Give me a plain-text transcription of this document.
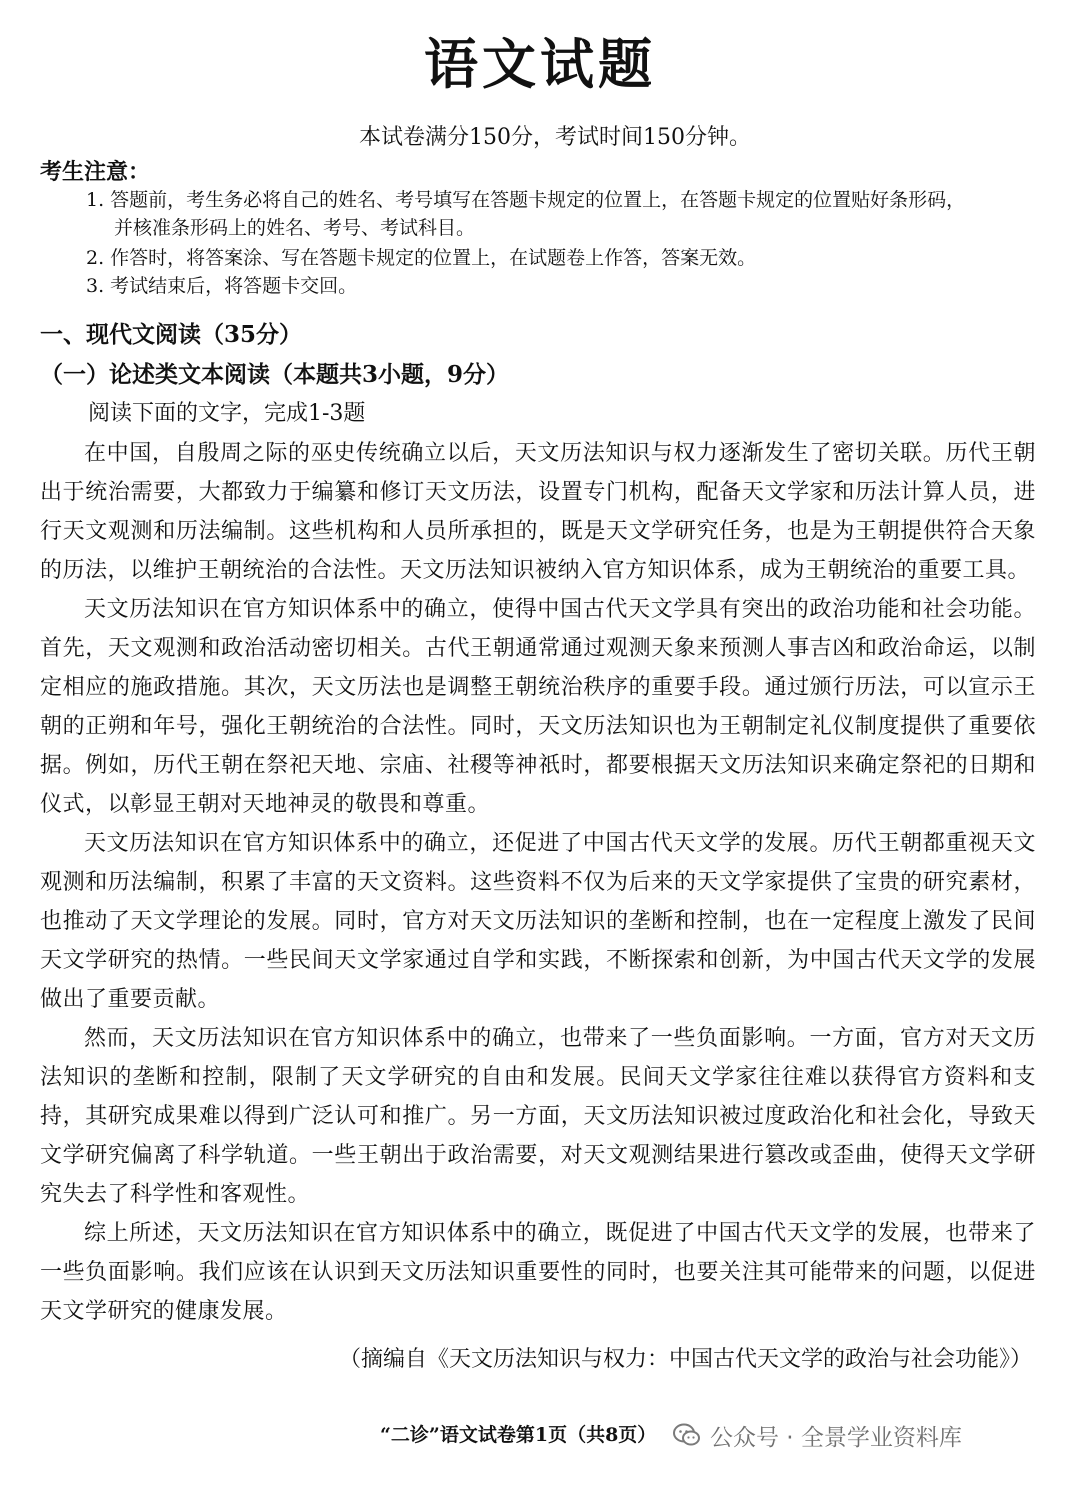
语文试题
本试卷满分150分，考试时间150分钟。
考生注意：
1. 答题前，考生务必将自己的姓名、考号填写在答题卡规定的位置上，在答题卡规定的位置贴好条形码，
并核准条形码上的姓名、考号、考试科目。
2. 作答时，将答案涂、写在答题卡规定的位置上，在试题卷上作答，答案无效。
3. 考试结束后，将答题卡交回。
一、现代文阅读（35分）
（一）论述类文本阅读（本题共3小题，9分）
阅读下面的文字，完成1-3题

在中国，自殷周之际的巫史传统确立以后，天文历法知识与权力逐渐发生了密切关联。历代王朝出于统治需要，大都致力于编纂和修订天文历法，设置专门机构，配备天文学家和历法计算人员，进行天文观测和历法编制。这些机构和人员所承担的，既是天文学研究任务，也是为王朝提供符合天象的历法，以维护王朝统治的合法性。天文历法知识被纳入官方知识体系，成为王朝统治的重要工具。

天文历法知识在官方知识体系中的确立，使得中国古代天文学具有突出的政治功能和社会功能。首先，天文观测和政治活动密切相关。古代王朝通常通过观测天象来预测人事吉凶和政治命运，以制定相应的施政措施。其次，天文历法也是调整王朝统治秩序的重要手段。通过颁行历法，可以宣示王朝的正朔和年号，强化王朝统治的合法性。同时，天文历法知识也为王朝制定礼仪制度提供了重要依据。例如，历代王朝在祭祀天地、宗庙、社稷等神祇时，都要根据天文历法知识来确定祭祀的日期和仪式，以彰显王朝对天地神灵的敬畏和尊重。

天文历法知识在官方知识体系中的确立，还促进了中国古代天文学的发展。历代王朝都重视天文观测和历法编制，积累了丰富的天文资料。这些资料不仅为后来的天文学家提供了宝贵的研究素材，也推动了天文学理论的发展。同时，官方对天文历法知识的垄断和控制，也在一定程度上激发了民间天文学研究的热情。一些民间天文学家通过自学和实践，不断探索和创新，为中国古代天文学的发展做出了重要贡献。

然而，天文历法知识在官方知识体系中的确立，也带来了一些负面影响。一方面，官方对天文历法知识的垄断和控制，限制了天文学研究的自由和发展。民间天文学家往往难以获得官方资料和支持，其研究成果难以得到广泛认可和推广。另一方面，天文历法知识被过度政治化和社会化，导致天文学研究偏离了科学轨道。一些王朝出于政治需要，对天文观测结果进行篡改或歪曲，使得天文学研究失去了科学性和客观性。

综上所述，天文历法知识在官方知识体系中的确立，既促进了中国古代天文学的发展，也带来了一些负面影响。我们应该在认识到天文历法知识重要性的同时，也要关注其可能带来的问题，以促进天文学研究的健康发展。

（摘编自《天文历法知识与权力：中国古代天文学的政治与社会功能》）
“二诊”语文试卷第1页（共8页） 公众号 · 全景学业资料库
